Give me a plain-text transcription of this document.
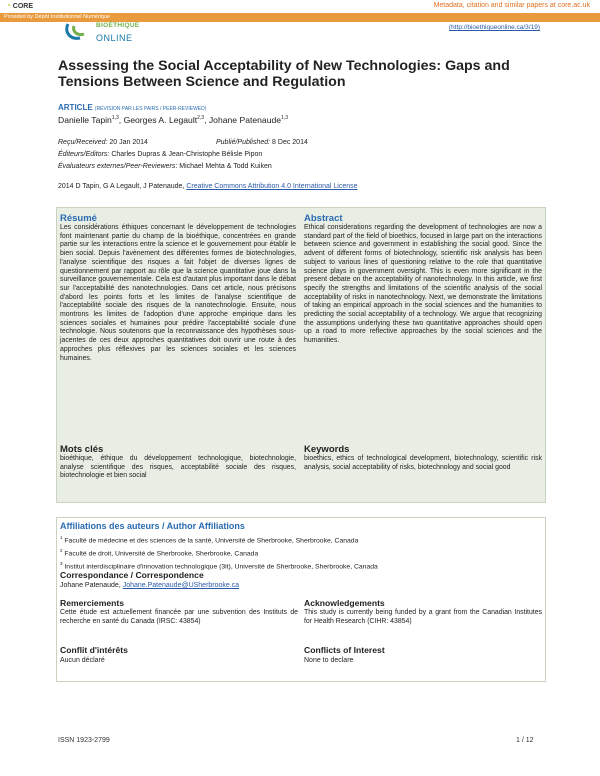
◔ CORE	Metadata, citation and similar papers at core.ac.uk
Provided by Dépôt Institutionnel Numérique
BIOÉTHIQUE
ONLINE
(http://bioethiqueonline.ca/3/19)
Assessing the Social Acceptability of New Technologies: Gaps and Tensions Between Science and Regulation
ARTICLE (RÉVISION PAR LES PAIRS / PEER-REVIEWED)
Danielle Tapin$^{1,3}$, Georges A. Legault$^{2,3}$, Johane Patenaude$^{1,3}$
Reçu/Received: 20 Jan 2014	Publié/Published: 8 Dec 2014
Éditeurs/Editors: Charles Dupras & Jean-Christophe Bélisle Pipon
Évaluateurs externes/Peer-Reviewers: Michael Mehta & Todd Kuiken
2014 D Tapin, G A Legault, J Patenaude, Creative Commons Attribution 4.0 International License
Résumé
Les considérations éthiques concernant le développement de technologies font maintenant partie du champ de la bioéthique, concentrées en grande partie sur les interactions entre la science et le gouvernement pour établir le bien social. Depuis l'avènement des différentes formes de biotechnologies, l'analyse scientifique des risques a fait l'objet de diverses lignes de questionnement par rapport au rôle que la science quantitative joue dans la surveillance gouvernementale. Cela est d'autant plus important dans le débat sur l'acceptabilité des nanotechnologies. Dans cet article, nous précisons d'abord les points forts et les limites de l'analyse scientifique de l'acceptabilité sociale des risques de la nanotechnologie. Ensuite, nous montrons les limites de l'adoption d'une approche empirique dans les sciences sociales et humaines pour prédire l'acceptabilité sociale d'une technologie. Nous soutenons que la reconnaissance des hypothèses sous-jacentes de ces deux approches quantitatives doit ouvrir une route à des approches plus réflexives par les sciences sociales et les sciences humaines.
Abstract
Ethical considerations regarding the development of technologies are now a standard part of the field of bioethics, focused in large part on the interactions between science and government in establishing the social good. Since the advent of different forms of biotechnology, scientific risk analysis has been subject to various lines of questioning relative to the role that quantitative science plays in government oversight. This is even more significant in the present debate on the acceptability of nanotechnology. In this article, we first specify the strengths and limitations of the scientific analysis of the social acceptability of risks in nanotechnology. Next, we demonstrate the limitations of taking an empirical approach in the social sciences and the humanities to predicting the social acceptability of a technology. We argue that recognizing the assumptions underlying these two quantitative approaches should open up a road to more reflective approaches by the social sciences and the humanities.
Mots clés
bioéthique, éthique du développement technologique, biotechnologie, analyse scientifique des risques, acceptabilité sociale des risques, biotechnologie et bien social
Keywords
bioethics, ethics of technological development, biotechnology, scientific risk analysis, social acceptability of risks, biotechnology and social good
Affiliations des auteurs / Author Affiliations
$^1$ Faculté de médecine et des sciences de la santé, Université de Sherbrooke, Sherbrooke, Canada
$^2$ Faculté de droit, Université de Sherbrooke, Sherbrooke, Canada
$^3$ Institut interdisciplinaire d'innovation technologique (3it), Université de Sherbrooke, Sherbrooke, Canada
Correspondance / Correspondence
Johane Patenaude, Johane.Patenaude@USherbrooke.ca
Remerciements
Cette étude est actuellement financée par une subvention des Instituts de recherche en santé du Canada (IRSC: 43854)
Acknowledgements
This study is currently being funded by a grant from the Canadian Institutes for Health Research (CIHR: 43854)
Conflit d'intérêts
Aucun déclaré
Conflicts of Interest
None to declare
ISSN 1923-2799	1 / 12
